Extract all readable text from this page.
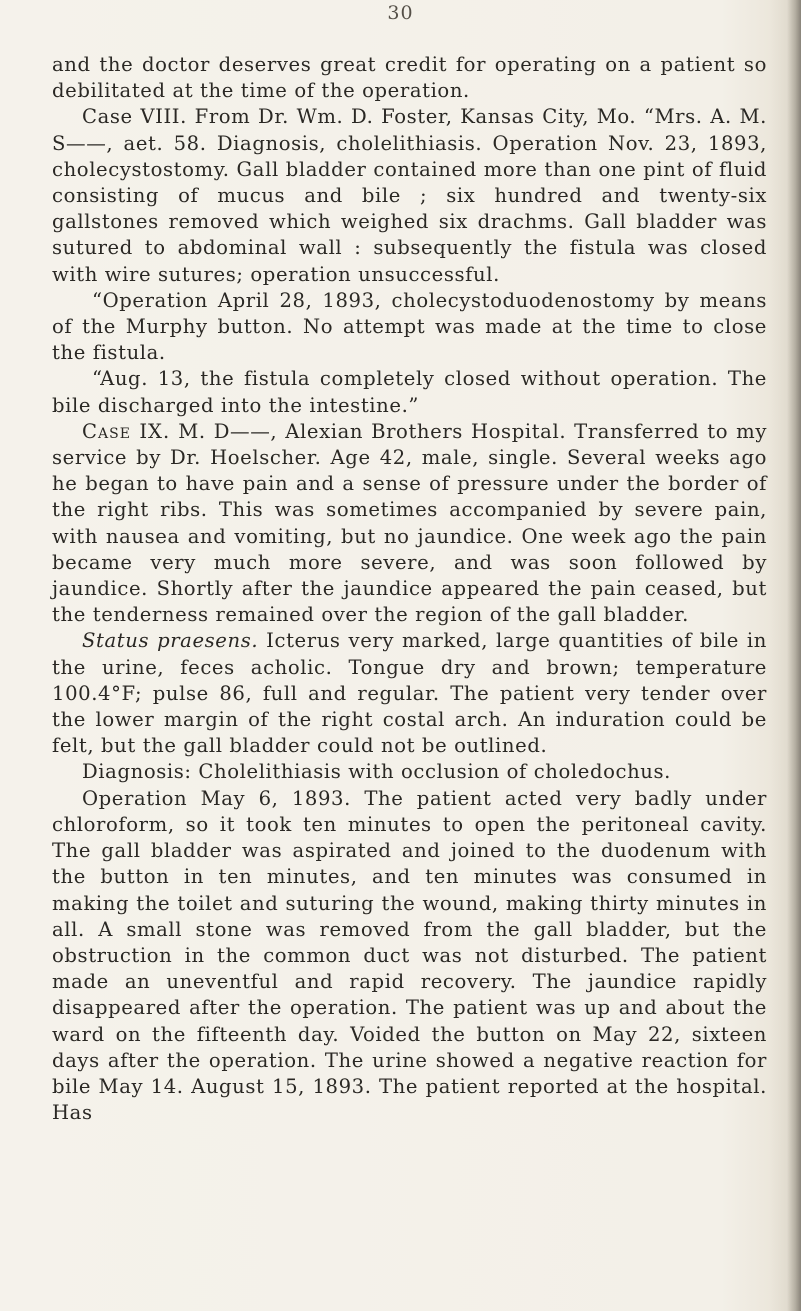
30

and the doctor deserves great credit for operating on a patient so debilitated at the time of the operation.

Case VIII. From Dr. Wm. D. Foster, Kansas City, Mo. “Mrs. A. M. S——, aet. 58. Diagnosis, cholelithiasis. Operation Nov. 23, 1893, cholecystostomy. Gall bladder contained more than one pint of fluid consisting of mucus and bile ; six hundred and twenty-six gallstones removed which weighed six drachms. Gall bladder was sutured to abdominal wall : subsequently the fistula was closed with wire sutures; operation unsuccessful.

“Operation April 28, 1893, cholecystoduodenostomy by means of the Murphy button. No attempt was made at the time to close the fistula.

“Aug. 13, the fistula completely closed without operation. The bile discharged into the intestine.”

Case IX. M. D——, Alexian Brothers Hospital. Transferred to my service by Dr. Hoelscher. Age 42, male, single. Several weeks ago he began to have pain and a sense of pressure under the border of the right ribs. This was sometimes accompanied by severe pain, with nausea and vomiting, but no jaundice. One week ago the pain became very much more severe, and was soon followed by jaundice. Shortly after the jaundice appeared the pain ceased, but the tenderness remained over the region of the gall bladder.

Status praesens. Icterus very marked, large quantities of bile in the urine, feces acholic. Tongue dry and brown; temperature 100.4°F; pulse 86, full and regular. The patient very tender over the lower margin of the right costal arch. An induration could be felt, but the gall bladder could not be outlined.

Diagnosis: Cholelithiasis with occlusion of choledochus.

Operation May 6, 1893. The patient acted very badly under chloroform, so it took ten minutes to open the peritoneal cavity. The gall bladder was aspirated and joined to the duodenum with the button in ten minutes, and ten minutes was consumed in making the toilet and suturing the wound, making thirty minutes in all. A small stone was removed from the gall bladder, but the obstruction in the common duct was not disturbed. The patient made an uneventful and rapid recovery. The jaundice rapidly disappeared after the operation. The patient was up and about the ward on the fifteenth day. Voided the button on May 22, sixteen days after the operation. The urine showed a negative reaction for bile May 14. August 15, 1893. The patient reported at the hospital. Has
